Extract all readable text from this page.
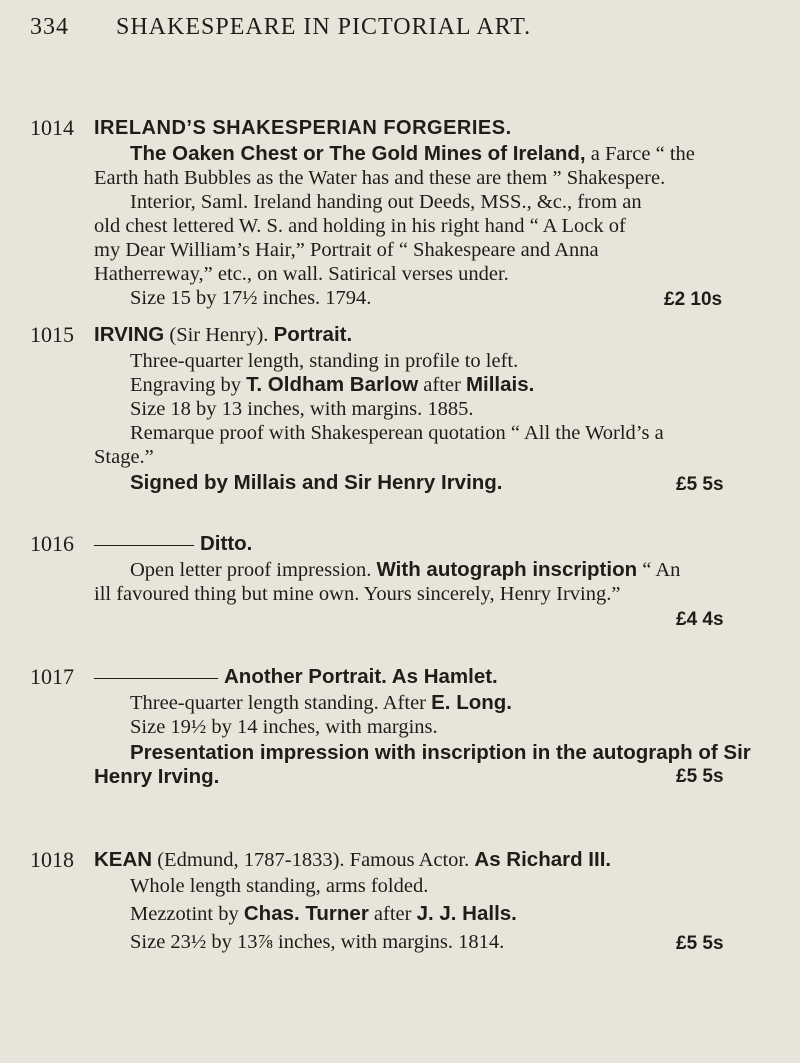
334 SHAKESPEARE IN PICTORIAL ART.
1014 IRELAND’S SHAKESPERIAN FORGERIES.
The Oaken Chest or The Gold Mines of Ireland, a Farce “ the
Earth hath Bubbles as the Water has and these are them ” Shakespere.
Interior, Saml. Ireland handing out Deeds, MSS., &c., from an
old chest lettered W. S. and holding in his right hand “ A Lock of
my Dear William’s Hair,” Portrait of “ Shakespeare and Anna
Hatherreway,” etc., on wall. Satirical verses under.
Size 15 by 17½ inches. 1794.	£2 10s
1015 IRVING (Sir Henry). Portrait.
Three-quarter length, standing in profile to left.
Engraving by T. Oldham Barlow after Millais.
Size 18 by 13 inches, with margins. 1885.
Remarque proof with Shakesperean quotation “ All the World’s a
Stage.”
Signed by Millais and Sir Henry Irving.	£5 5s
1016	Ditto.
Open letter proof impression. With autograph inscription “ An
ill favoured thing but mine own. Yours sincerely, Henry Irving.”
£4 4s
1017	Another Portrait. As Hamlet.
Three-quarter length standing. After E. Long.
Size 19½ by 14 inches, with margins.
Presentation impression with inscription in the autograph of Sir
Henry Irving.	£5 5s
1018 KEAN (Edmund, 1787-1833). Famous Actor. As Richard III.
Whole length standing, arms folded.
Mezzotint by Chas. Turner after J. J. Halls.
Size 23½ by 13⅞ inches, with margins. 1814.	£5 5s
